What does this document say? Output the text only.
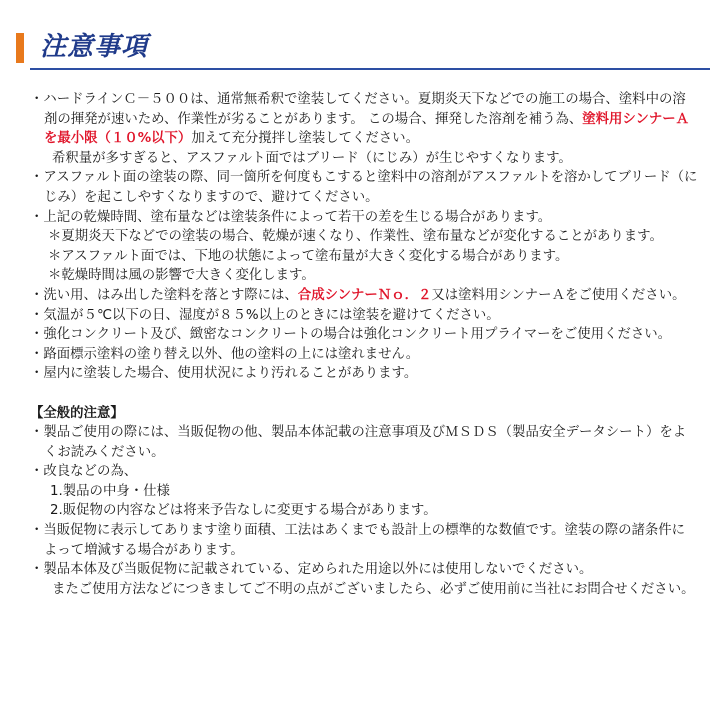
注意事項

・ハードラインＣ－５００は、通常無希釈で塗装してください。夏期炎天下などでの施工の場合、塗料中の溶剤の揮発が速いため、作業性が劣ることがあります。 この場合、揮発した溶剤を補う為、塗料用シンナーＡを最小限（１０%以下）加えて充分撹拌し塗装してください。

希釈量が多すぎると、アスファルト面ではブリード（にじみ）が生じやすくなります。

・アスファルト面の塗装の際、同一箇所を何度もこすると塗料中の溶剤がアスファルトを溶かしてブリード（にじみ）を起こしやすくなりますので、避けてください。

・上記の乾燥時間、塗布量などは塗装条件によって若干の差を生じる場合があります。

＊夏期炎天下などでの塗装の場合、乾燥が速くなり、作業性、塗布量などが変化することがあります。

＊アスファルト面では、下地の状態によって塗布量が大きく変化する場合があります。

＊乾燥時間は風の影響で大きく変化します。

・洗い用、はみ出した塗料を落とす際には、合成シンナーＮｏ．２又は塗料用シンナーＡをご使用ください。

・気温が５℃以下の日、湿度が８５%以上のときには塗装を避けてください。

・強化コンクリート及び、緻密なコンクリートの場合は強化コンクリート用プライマーをご使用ください。

・路面標示塗料の塗り替え以外、他の塗料の上には塗れません。

・屋内に塗装した場合、使用状況により汚れることがあります。

【全般的注意】

・製品ご使用の際には、当販促物の他、製品本体記載の注意事項及びＭＳＤＳ（製品安全データシート）をよくお読みください。

・改良などの為、

1.製品の中身・仕様

2.販促物の内容などは将来予告なしに変更する場合があります。

・当販促物に表示してあります塗り面積、工法はあくまでも設計上の標準的な数値です。塗装の際の諸条件によって増減する場合があります。

・製品本体及び当販促物に記載されている、定められた用途以外には使用しないでください。

またご使用方法などにつきましてご不明の点がございましたら、必ずご使用前に当社にお問合せください。
